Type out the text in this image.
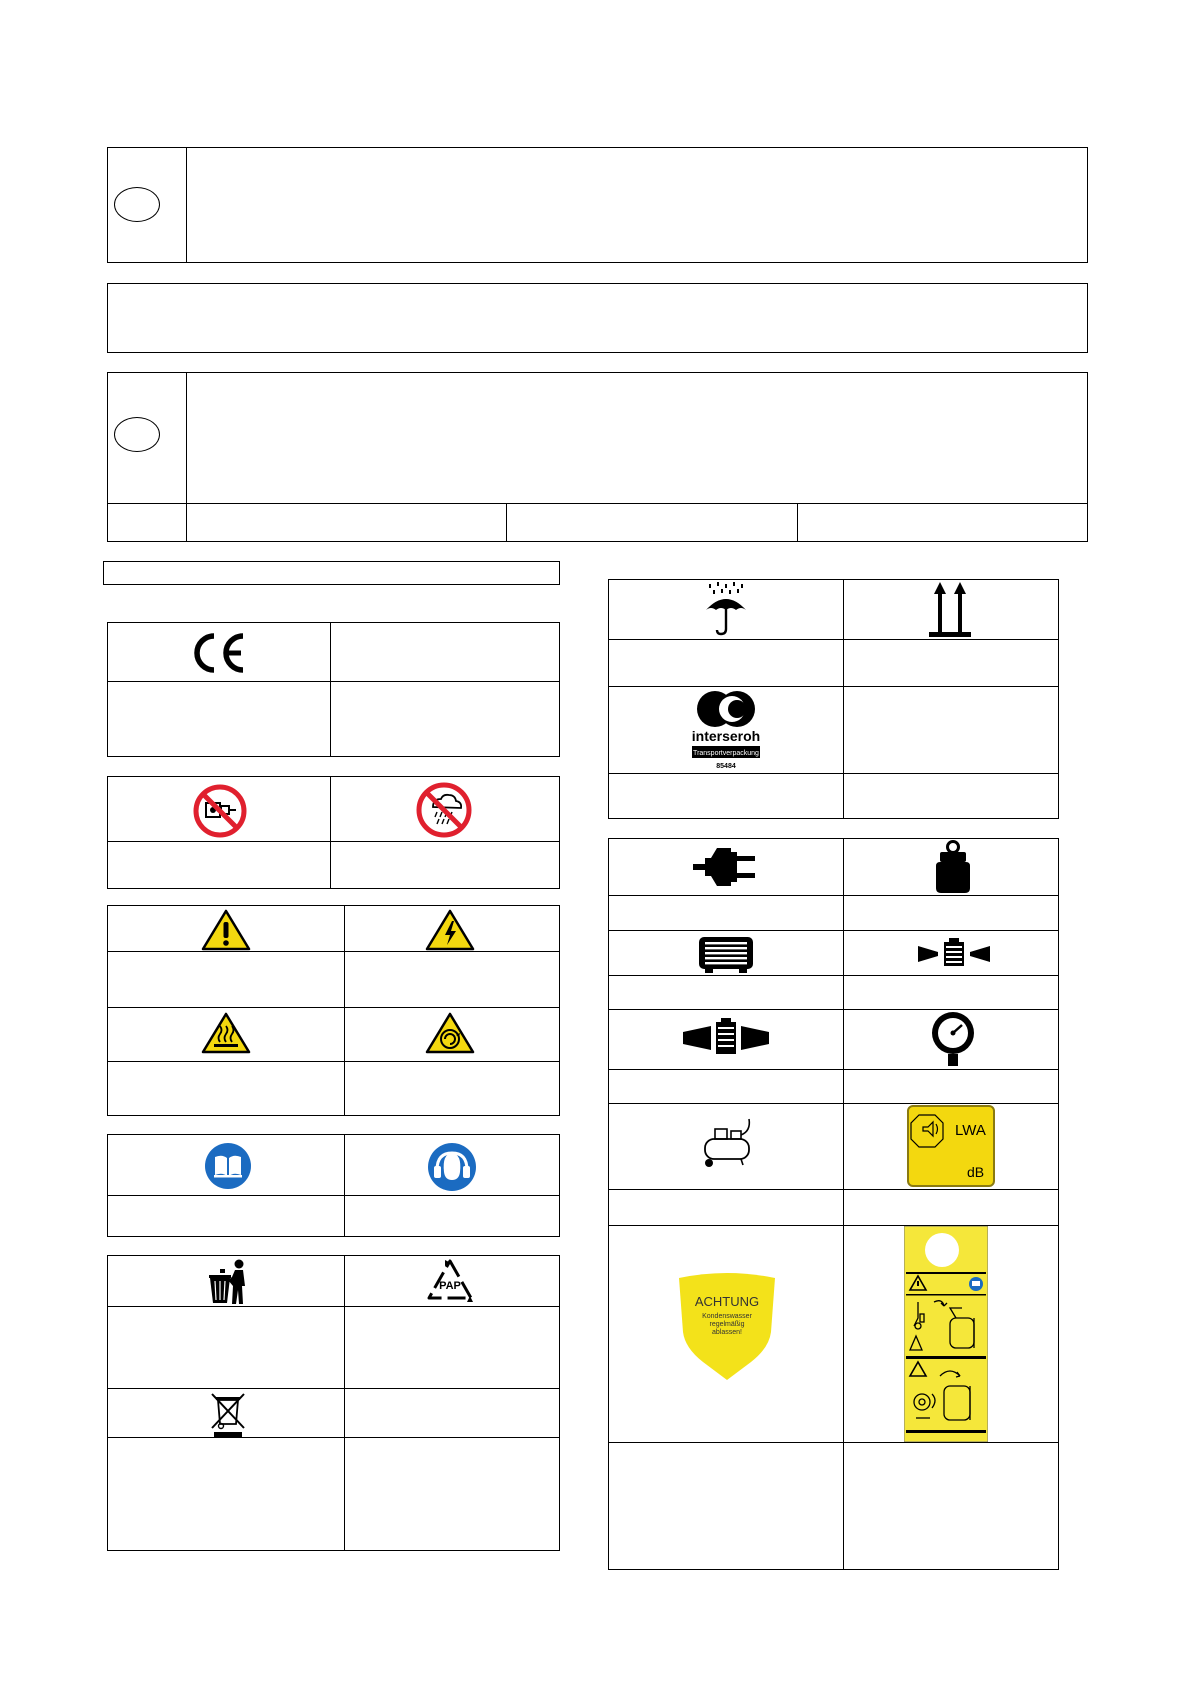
PAP
interseroh
Transportverpackung
85484
LWA
dB
ACHTUNG
Kondenswasser
regelmäßig
ablassen!
